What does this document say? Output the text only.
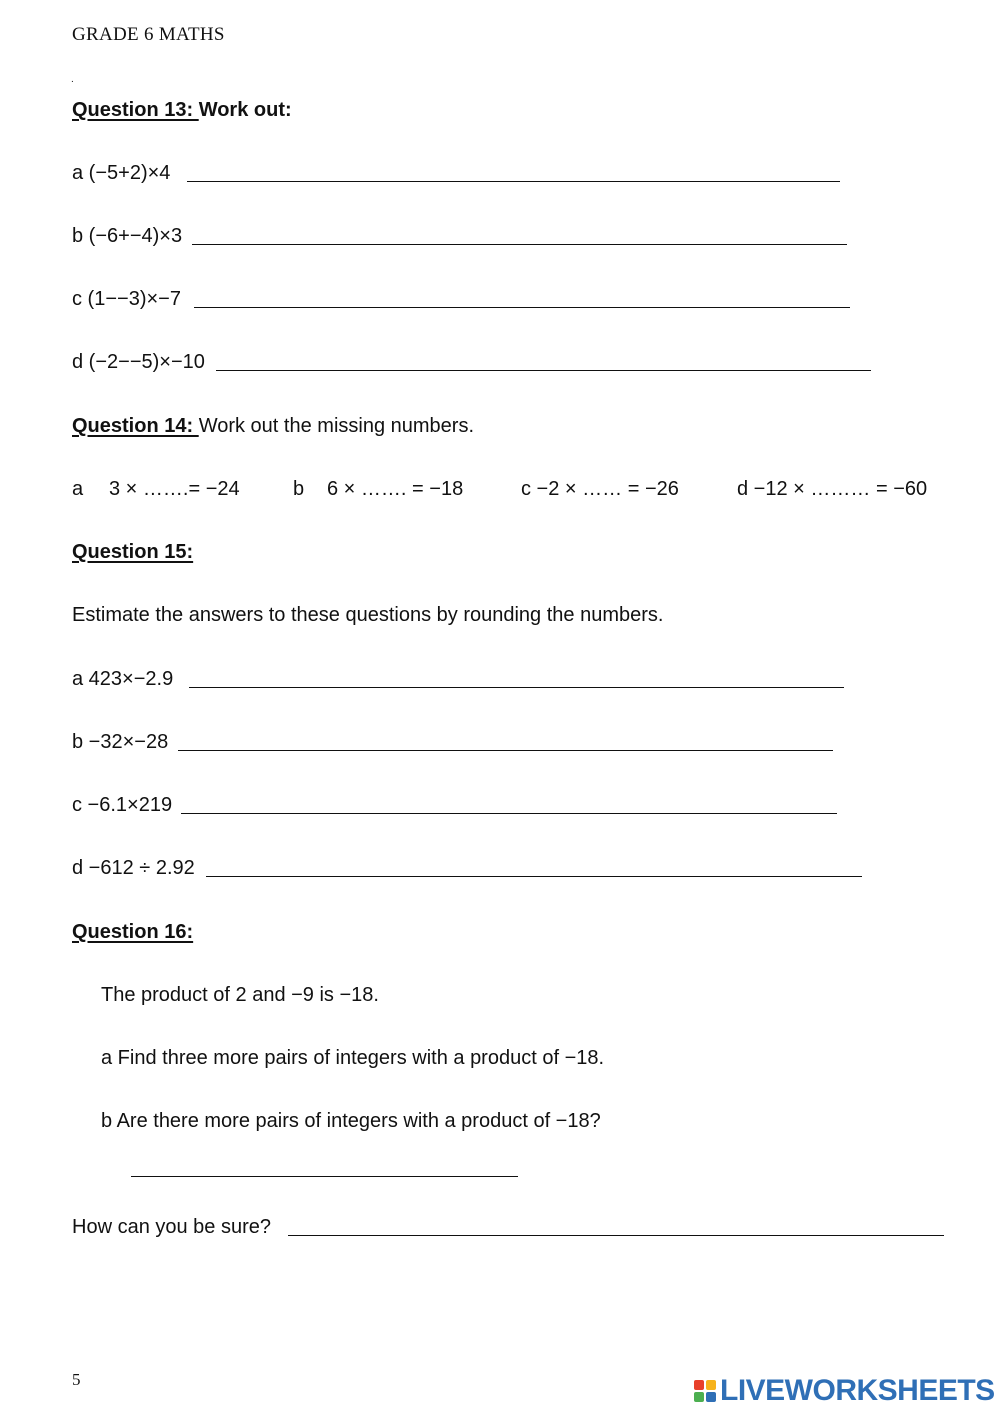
GRADE 6 MATHS
.
Question 13: Work out:
a (−5+2)×4
b (−6+−4)×3
c (1−−3)×−7
d (−2−−5)×−10
Question 14: Work out the missing numbers.
a 3 × …….= −24	b 6 × ……. = −18	c −2 × …… = −26	d −12 × ……… = −60
Question 15:
Estimate the answers to these questions by rounding the numbers.
a 423×−2.9
b −32×−28
c −6.1×219
d −612 ÷ 2.92
Question 16:
The product of 2 and −9 is −18.
a Find three more pairs of integers with a product of −18.
b Are there more pairs of integers with a product of −18?
How can you be sure?
5	LIVEWORKSHEETS
